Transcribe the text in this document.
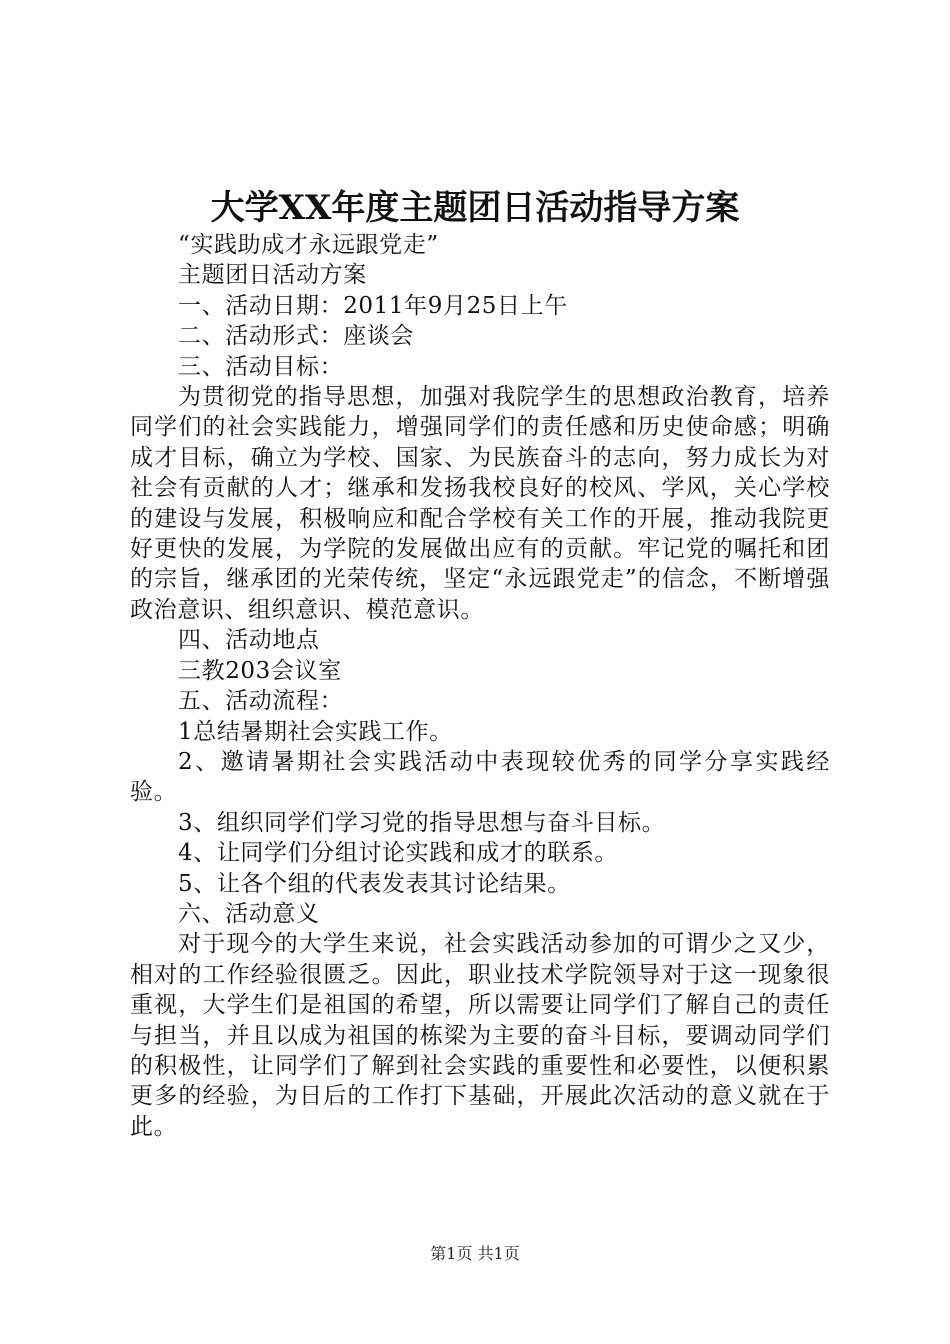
大学XX年度主题团日活动指导方案

“实践助成才永远跟党走”

主题团日活动方案

一、活动日期：2011年9月25日上午

二、活动形式：座谈会

三、活动目标：

为贯彻党的指导思想，加强对我院学生的思想政治教育，培养同学们的社会实践能力，增强同学们的责任感和历史使命感；明确成才目标，确立为学校、国家、为民族奋斗的志向，努力成长为对社会有贡献的人才；继承和发扬我校良好的校风、学风，关心学校的建设与发展，积极响应和配合学校有关工作的开展，推动我院更好更快的发展，为学院的发展做出应有的贡献。牢记党的嘱托和团的宗旨，继承团的光荣传统，坚定“永远跟党走”的信念，不断增强政治意识、组织意识、模范意识。

四、活动地点

三教203会议室

五、活动流程：

1总结暑期社会实践工作。

2、邀请暑期社会实践活动中表现较优秀的同学分享实践经验。

3、组织同学们学习党的指导思想与奋斗目标。

4、让同学们分组讨论实践和成才的联系。

5、让各个组的代表发表其讨论结果。

六、活动意义

对于现今的大学生来说，社会实践活动参加的可谓少之又少，相对的工作经验很匮乏。因此，职业技术学院领导对于这一现象很重视，大学生们是祖国的希望，所以需要让同学们了解自己的责任与担当，并且以成为祖国的栋梁为主要的奋斗目标，要调动同学们的积极性，让同学们了解到社会实践的重要性和必要性，以便积累更多的经验，为日后的工作打下基础，开展此次活动的意义就在于此。

第1页 共1页
